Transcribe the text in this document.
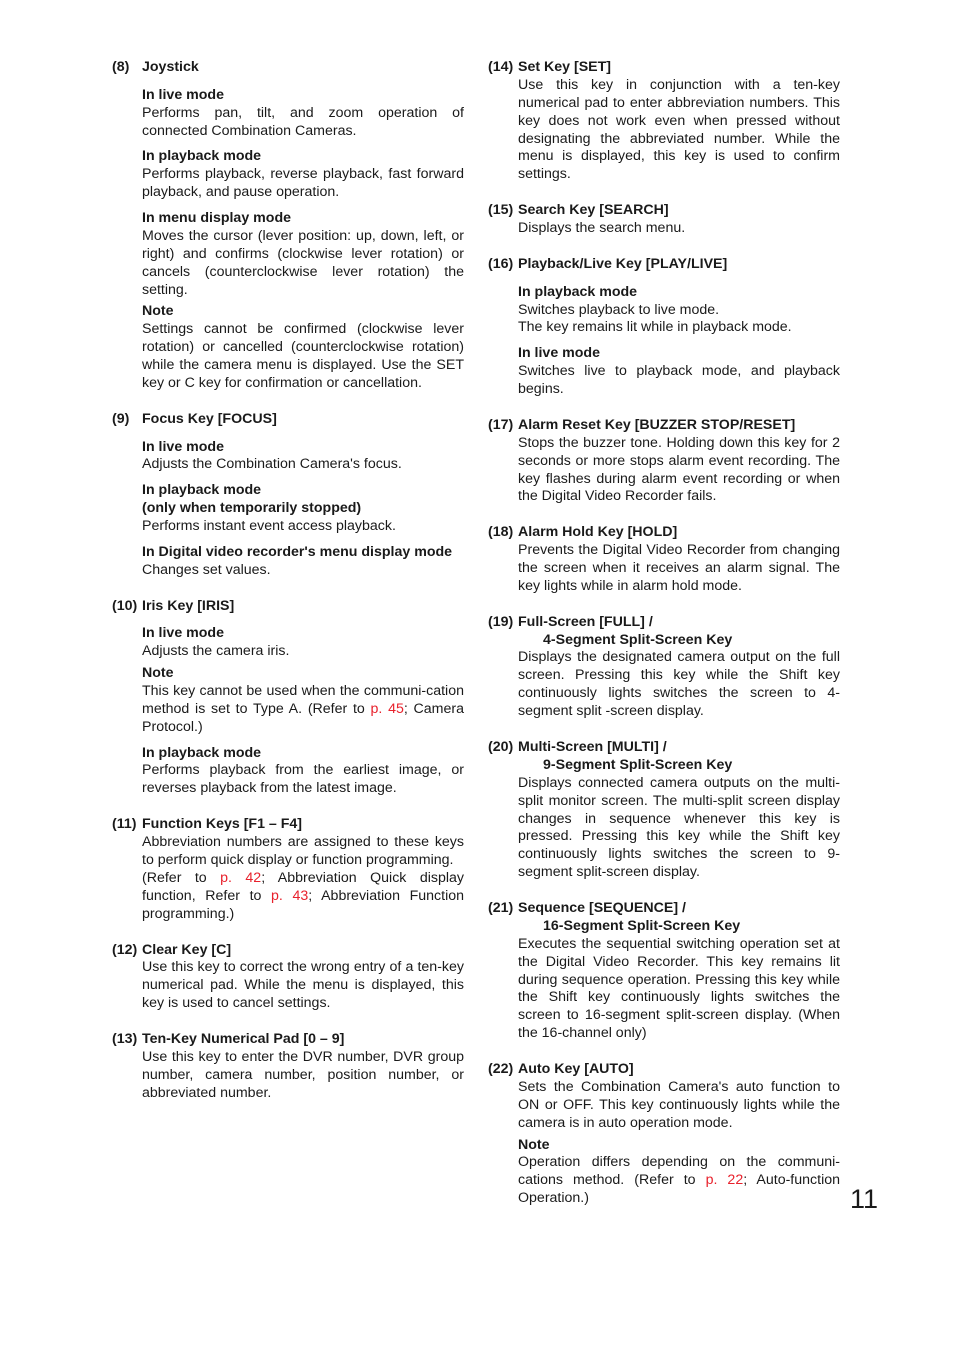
(8) Joystick
In live mode

Performs pan, tilt, and zoom operation of connected Combination Cameras.

In playback mode

Performs playback, reverse playback, fast forward playback, and pause operation.

In menu display mode

Moves the cursor (lever position: up, down, left, or right) and confirms (clockwise lever rotation) or cancels (counterclockwise lever rotation) the setting.

Note

Settings cannot be confirmed (clockwise lever rotation) or cancelled (counterclockwise rotation) while the camera menu is displayed. Use the SET key or C key for confirmation or cancellation.

(9) Focus Key [FOCUS]
In live mode

Adjusts the Combination Camera's focus.

In playback mode
(only when temporarily stopped)

Performs instant event access playback.

In Digital video recorder's menu display mode

Changes set values.

(10) Iris Key [IRIS]
In live mode

Adjusts the camera iris.

Note

This key cannot be used when the communi-cation method is set to Type A. (Refer to p. 45; Camera Protocol.)

In playback mode

Performs playback from the earliest image, or reverses playback from the latest image.

(11) Function Keys [F1 – F4]

Abbreviation numbers are assigned to these keys to perform quick display or function programming.

(Refer to p. 42; Abbreviation Quick display function, Refer to p. 43; Abbreviation Function programming.)

(12) Clear Key [C]

Use this key to correct the wrong entry of a ten-key numerical pad. While the menu is displayed, this key is used to cancel settings.

(13) Ten-Key Numerical Pad [0 – 9]

Use this key to enter the DVR number, DVR group number, camera number, position number, or abbreviated number.

(14) Set Key [SET]

Use this key in conjunction with a ten-key numerical pad to enter abbreviation numbers. This key does not work even when pressed without designating the abbreviated number. While the menu is displayed, this key is used to confirm settings.

(15) Search Key [SEARCH]

Displays the search menu.

(16) Playback/Live Key [PLAY/LIVE]
In playback mode

Switches playback to live mode.

The key remains lit while in playback mode.

In live mode

Switches live to playback mode, and playback begins.

(17) Alarm Reset Key [BUZZER STOP/RESET]

Stops the buzzer tone. Holding down this key for 2 seconds or more stops alarm event recording. The key flashes during alarm event recording or when the Digital Video Recorder fails.

(18) Alarm Hold Key [HOLD]

Prevents the Digital Video Recorder from changing the screen when it receives an alarm signal. The key lights while in alarm hold mode.

(19) Full-Screen [FULL] /
4-Segment Split-Screen Key

Displays the designated camera output on the full screen. Pressing this key while the Shift key continuously lights switches the screen to 4-segment split -screen display.

(20) Multi-Screen [MULTI] /
9-Segment Split-Screen Key

Displays connected camera outputs on the multi-split monitor screen. The multi-split screen display changes in sequence whenever this key is pressed. Pressing this key while the Shift key continuously lights switches the screen to 9-segment split-screen display.

(21) Sequence [SEQUENCE] /
16-Segment Split-Screen Key

Executes the sequential switching operation set at the Digital Video Recorder. This key remains lit during sequence operation. Pressing this key while the Shift key continuously lights switches the screen to 16-segment split-screen display. (When the 16-channel only)

(22) Auto Key [AUTO]

Sets the Combination Camera's auto function to ON or OFF. This key continuously lights while the camera is in auto operation mode.

Note

Operation differs depending on the communi-cations method. (Refer to p. 22; Auto-function Operation.)	11
